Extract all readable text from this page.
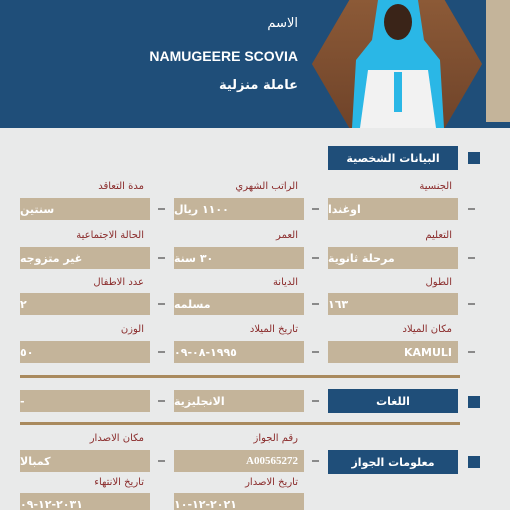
الاسم
NAMUGEERE SCOVIA
عاملة منزلية
البيانات الشخصية
الجنسية
الراتب الشهري
مدة التعاقد
اوغندا
١١٠٠ ريال
سنتين
التعليم
العمر
الحالة الاجتماعية
مرحلة ثانوية
٣٠ سنة
غير متزوجه
الطول
الديانة
عدد الاطفال
١٦٣
مسلمه
٢
مكان الميلاد
تاريخ الميلاد
الوزن
KAMULI
١٩٩٥-٠٨-٠٩
٥٠
اللغات
الانجليزية
-
رقم الجواز
مكان الاصدار
معلومات الجواز
A00565272
كمبالا
تاريخ الاصدار
تاريخ الانتهاء
٢٠٢١-١٢-١٠
٢٠٣١-١٢-٠٩
